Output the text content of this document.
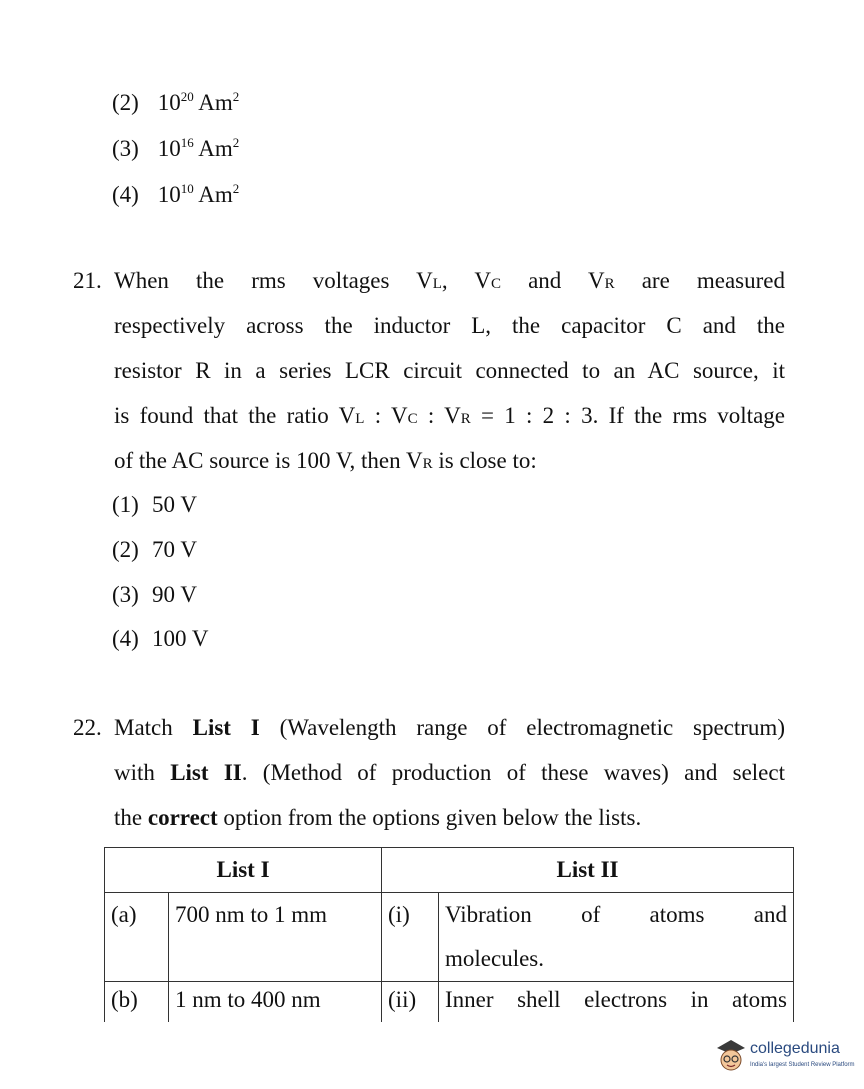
(2) $10^{20}$ Am$^2$
(3) $10^{16}$ Am$^2$
(4) $10^{10}$ Am$^2$
21. When the rms voltages VL, VC and VR are measured
respectively across the inductor L, the capacitor C and the
resistor R in a series LCR circuit connected to an AC source, it
is found that the ratio VL : VC : VR = 1 : 2 : 3. If the rms voltage
of the AC source is 100 V, then VR is close to:
(1) 50 V
(2) 70 V
(3) 90 V
(4) 100 V
22. Match List I (Wavelength range of electromagnetic spectrum)
with List II. (Method of production of these waves) and select
the correct option from the options given below the lists.
List I		List II	
(a)	700 nm to 1 mm	(i)	Vibration of atoms and
molecules.

(b)	1 nm to 400 nm	(ii)	Inner shell electrons in atoms
collegedunia
India's largest Student Review Platform
